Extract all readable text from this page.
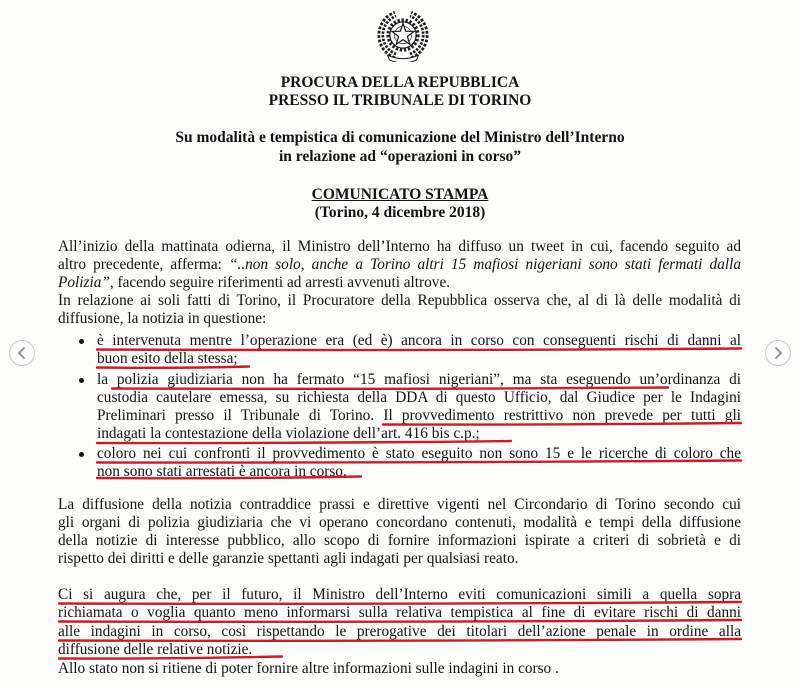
PROCURA DELLA REPUBBLICA
PRESSO IL TRIBUNALE DI TORINO
Su modalità e tempistica di comunicazione del Ministro dell’Interno
in relazione ad “operazioni in corso”
COMUNICATO STAMPA
(Torino, 4 dicembre 2018)
All’inizio della mattinata odierna, il Ministro dell’Interno ha diffuso un tweet in cui, facendo seguito ad
altro precedente, afferma: “..non solo, anche a Torino altri 15 mafiosi nigeriani sono stati fermati dalla
Polizia”, facendo seguire riferimenti ad arresti avvenuti altrove.
In relazione ai soli fatti di Torino, il Procuratore della Repubblica osserva che, al di là delle modalità di
diffusione, la notizia in questione:
è intervenuta mentre l’operazione era (ed è) ancora in corso con conseguenti rischi di danni al
buon esito della stessa;
la polizia giudiziaria non ha fermato “15 mafiosi nigeriani”, ma sta eseguendo un’ordinanza di
custodia cautelare emessa, su richiesta della DDA di questo Ufficio, dal Giudice per le Indagini
Preliminari presso il Tribunale di Torino. Il provvedimento restrittivo non prevede per tutti gli
indagati la contestazione della violazione dell’art. 416 bis c.p.;
coloro nei cui confronti il provvedimento è stato eseguito non sono 15 e le ricerche di coloro che
non sono stati arrestati è ancora in corso.
La diffusione della notizia contraddice prassi e direttive vigenti nel Circondario di Torino secondo cui
gli organi di polizia giudiziaria che vi operano concordano contenuti, modalità e tempi della diffusione
della notizie di interesse pubblico, allo scopo di fornire informazioni ispirate a criteri di sobrietà e di
rispetto dei diritti e delle garanzie spettanti agli indagati per qualsiasi reato.
Ci si augura che, per il futuro, il Ministro dell’Interno eviti comunicazioni simili a quella sopra
richiamata o voglia quanto meno informarsi sulla relativa tempistica al fine di evitare rischi di danni
alle indagini in corso, così rispettando le prerogative dei titolari dell’azione penale in ordine alla
diffusione delle relative notizie.
Allo stato non si ritiene di poter fornire altre informazioni sulle indagini in corso .
